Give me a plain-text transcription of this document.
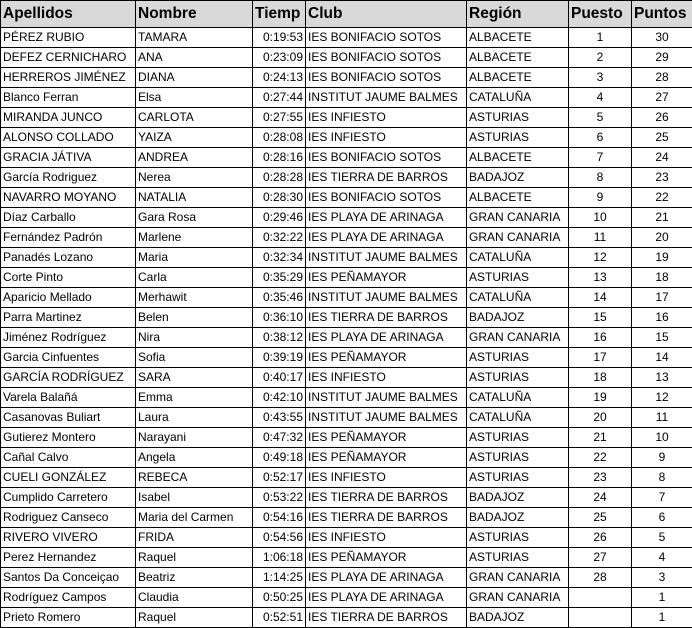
Apellidos	Nombre	Tiemp	Club	Región	Puesto	Puntos
PÉREZ RUBIO	TAMARA	0:19:53	IES BONIFACIO SOTOS	ALBACETE	1	30
DEFEZ CERNICHARO	ANA	0:23:09	IES BONIFACIO SOTOS	ALBACETE	2	29
HERREROS JIMÉNEZ	DIANA	0:24:13	IES BONIFACIO SOTOS	ALBACETE	3	28
Blanco Ferran	Elsa	0:27:44	INSTITUT JAUME BALMES	CATALUÑA	4	27
MIRANDA JUNCO	CARLOTA	0:27:55	IES INFIESTO	ASTURIAS	5	26
ALONSO COLLADO	YAIZA	0:28:08	IES INFIESTO	ASTURIAS	6	25
GRACIA JÁTIVA	ANDREA	0:28:16	IES BONIFACIO SOTOS	ALBACETE	7	24
García Rodriguez	Nerea	0:28:28	IES TIERRA DE BARROS	BADAJOZ	8	23
NAVARRO MOYANO	NATALIA	0:28:30	IES BONIFACIO SOTOS	ALBACETE	9	22
Díaz Carballo	Gara Rosa	0:29:46	IES PLAYA DE ARINAGA	GRAN CANARIA	10	21
Fernández Padrón	Marlene	0:32:22	IES PLAYA DE ARINAGA	GRAN CANARIA	11	20
Panadés Lozano	Maria	0:32:34	INSTITUT JAUME BALMES	CATALUÑA	12	19
Corte Pinto	Carla	0:35:29	IES PEÑAMAYOR	ASTURIAS	13	18
Aparicio Mellado	Merhawit	0:35:46	INSTITUT JAUME BALMES	CATALUÑA	14	17
Parra Martinez	Belen	0:36:10	IES TIERRA DE BARROS	BADAJOZ	15	16
Jiménez Rodríguez	Nira	0:38:12	IES PLAYA DE ARINAGA	GRAN CANARIA	16	15
Garcia Cinfuentes	Sofia	0:39:19	IES PEÑAMAYOR	ASTURIAS	17	14
GARCÍA RODRÍGUEZ	SARA	0:40:17	IES INFIESTO	ASTURIAS	18	13
Varela Balañá	Emma	0:42:10	INSTITUT JAUME BALMES	CATALUÑA	19	12
Casanovas Buliart	Laura	0:43:55	INSTITUT JAUME BALMES	CATALUÑA	20	11
Gutierez Montero	Narayani	0:47:32	IES PEÑAMAYOR	ASTURIAS	21	10
Cañal Calvo	Angela	0:49:18	IES PEÑAMAYOR	ASTURIAS	22	9
CUELI GONZÁLEZ	REBECA	0:52:17	IES INFIESTO	ASTURIAS	23	8
Cumplido Carretero	Isabel	0:53:22	IES TIERRA DE BARROS	BADAJOZ	24	7
Rodriguez Canseco	Maria del Carmen	0:54:16	IES TIERRA DE BARROS	BADAJOZ	25	6
RIVERO VIVERO	FRIDA	0:54:56	IES INFIESTO	ASTURIAS	26	5
Perez Hernandez	Raquel	1:06:18	IES PEÑAMAYOR	ASTURIAS	27	4
Santos Da Conceiçao	Beatriz	1:14:25	IES PLAYA DE ARINAGA	GRAN CANARIA	28	3
Rodríguez Campos	Claudia	0:50:25	IES PLAYA DE ARINAGA	GRAN CANARIA		1
Prieto Romero	Raquel	0:52:51	IES TIERRA DE BARROS	BADAJOZ		1
